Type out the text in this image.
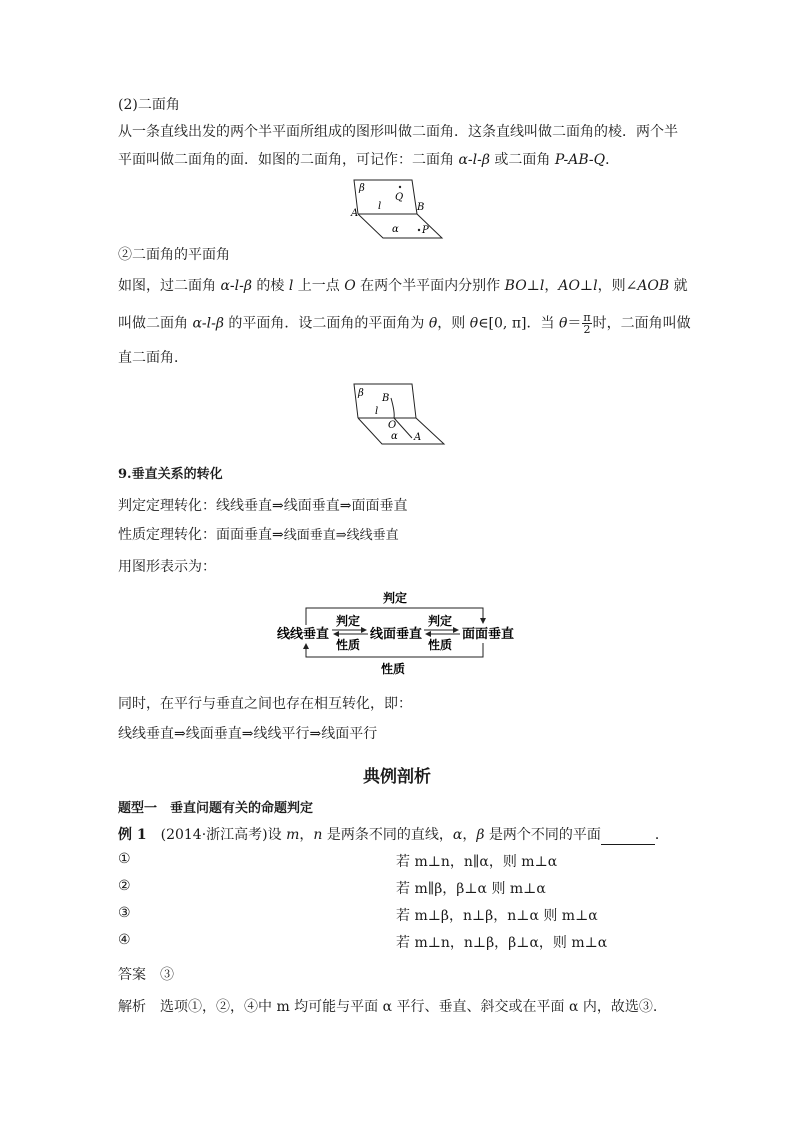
(2)二面角
从一条直线出发的两个半平面所组成的图形叫做二面角．这条直线叫做二面角的棱．两个半
平面叫做二面角的面．如图的二面角，可记作：二面角 α-l-β 或二面角 P-AB-Q．
β
Q
l	B
A
α P
②二面角的平面角
如图，过二面角 α-l-β 的棱 l 上一点 O 在两个半平面内分别作 BO⊥l，AO⊥l，则∠AOB 就
叫做二面角 α-l-β 的平面角．设二面角的平面角为 θ，则 θ∈[0, π]．当 $\theta= \frac{\pi}{2}$ 时，二面角叫做
直二面角．
β B
l
O
α A
9.垂直关系的转化
判定定理转化：线线垂直⇒线面垂直⇒面面垂直
性质定理转化：面面垂直⇒线面垂直⇒线线垂直
用图形表示为：
判定
线线垂直
判定
性质
线面垂直
判定
性质
面面垂直
性质
同时，在平行与垂直之间也存在相互转化，即：
线线垂直⇒线面垂直⇒线线平行⇒线面平行
典例剖析
题型一　垂直问题有关的命题判定
例 1　(2014·浙江高考)设 m，n 是两条不同的直线，α，β 是两个不同的平面	．
①	若 m⊥n，n∥α，则 m⊥α
②	若 m∥β，β⊥α 则 m⊥α
③	若 m⊥β，n⊥β，n⊥α 则 m⊥α
④	若 m⊥n，n⊥β，β⊥α，则 m⊥α
答案　 ③
解析　 选项①，②，④中 m 均可能与平面 α 平行、垂直、斜交或在平面 α 内，故选③.
